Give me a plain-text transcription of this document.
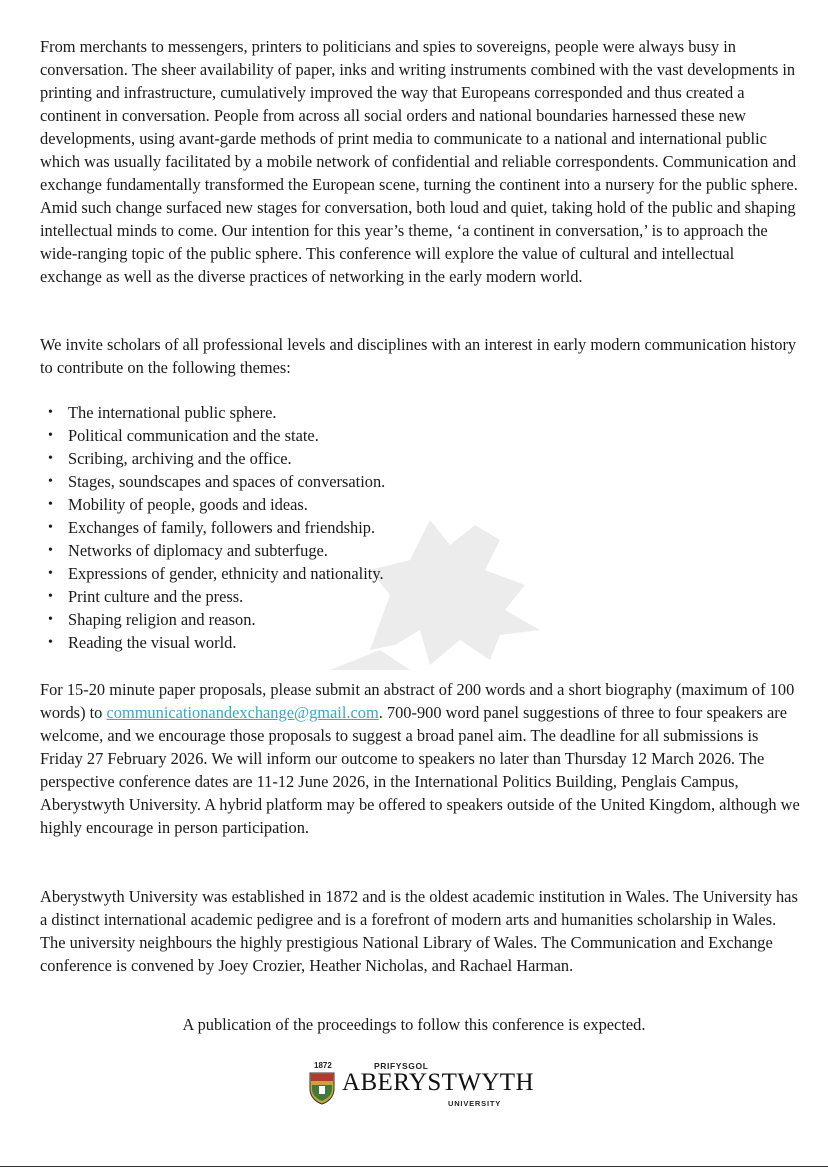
From merchants to messengers, printers to politicians and spies to sovereigns, people were always busy in conversation. The sheer availability of paper, inks and writing instruments combined with the vast developments in printing and infrastructure, cumulatively improved the way that Europeans corresponded and thus created a continent in conversation. People from across all social orders and national boundaries harnessed these new developments, using avant-garde methods of print media to communicate to a national and international public which was usually facilitated by a mobile network of confidential and reliable correspondents. Communication and exchange fundamentally transformed the European scene, turning the continent into a nursery for the public sphere. Amid such change surfaced new stages for conversation, both loud and quiet, taking hold of the public and shaping intellectual minds to come. Our intention for this year’s theme, ‘a continent in conversation,’ is to approach the wide-ranging topic of the public sphere. This conference will explore the value of cultural and intellectual exchange as well as the diverse practices of networking in the early modern world.

We invite scholars of all professional levels and disciplines with an interest in early modern communication history to contribute on the following themes:

• The international public sphere.
• Political communication and the state.
• Scribing, archiving and the office.
• Stages, soundscapes and spaces of conversation.
• Mobility of people, goods and ideas.
• Exchanges of family, followers and friendship.
• Networks of diplomacy and subterfuge.
• Expressions of gender, ethnicity and nationality.
• Print culture and the press.
• Shaping religion and reason.
• Reading the visual world.

For 15-20 minute paper proposals, please submit an abstract of 200 words and a short biography (maximum of 100 words) to communicationandexchange@gmail.com. 700-900 word panel suggestions of three to four speakers are welcome, and we encourage those proposals to suggest a broad panel aim. The deadline for all submissions is Friday 27 February 2026. We will inform our outcome to speakers no later than Thursday 12 March 2026. The perspective conference dates are 11-12 June 2026, in the International Politics Building, Penglais Campus, Aberystwyth University. A hybrid platform may be offered to speakers outside of the United Kingdom, although we highly encourage in person participation.

Aberystwyth University was established in 1872 and is the oldest academic institution in Wales. The University has a distinct international academic pedigree and is a forefront of modern arts and humanities scholarship in Wales. The university neighbours the highly prestigious National Library of Wales. The Communication and Exchange conference is convened by Joey Crozier, Heather Nicholas, and Rachael Harman.

A publication of the proceedings to follow this conference is expected.

1872	PRIFYSGOL
ABERYSTWYTH
UNIVERSITY
